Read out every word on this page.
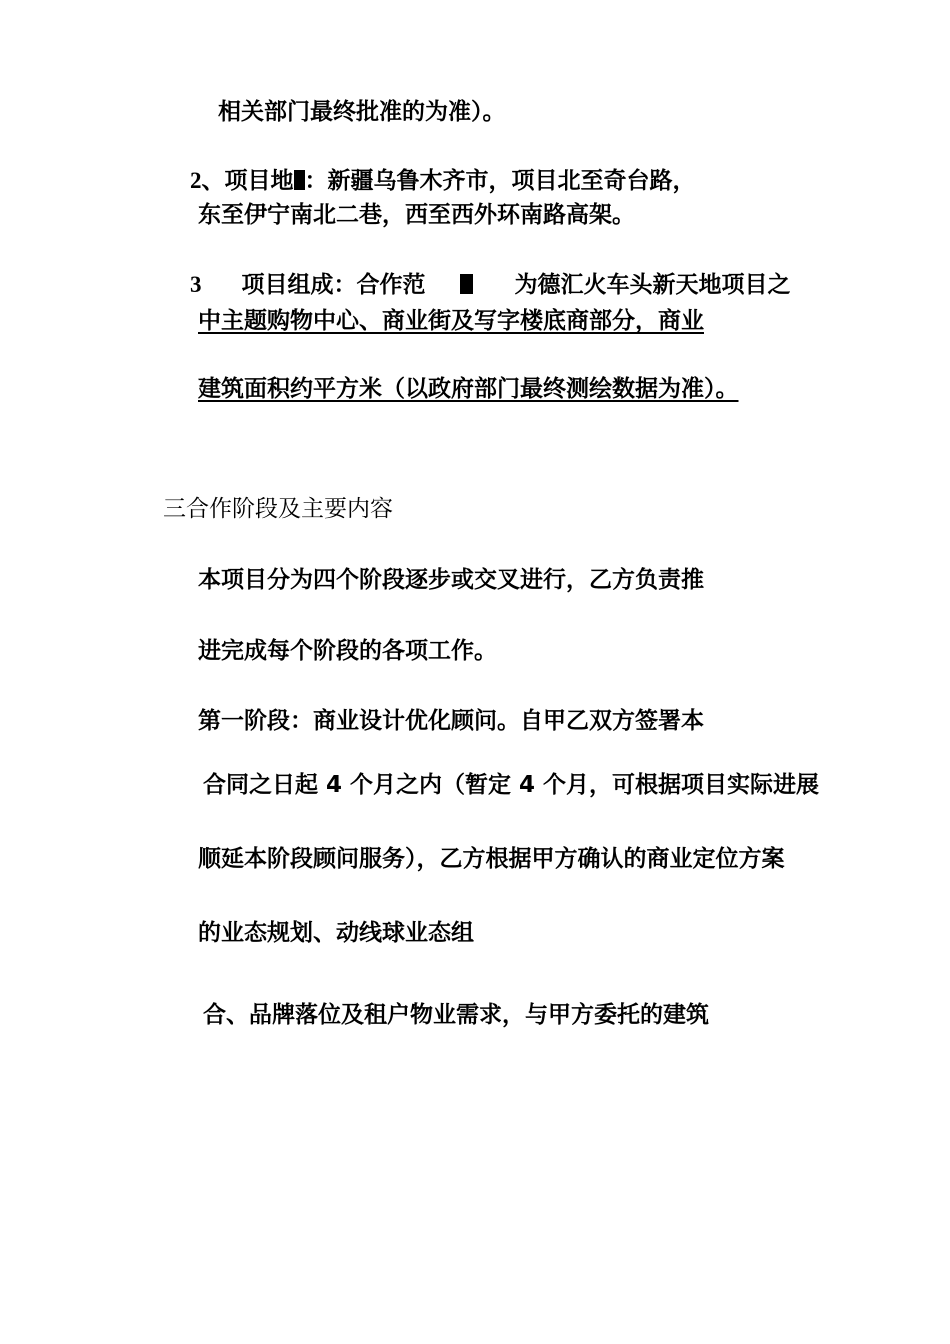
相关部门最终批准的为准）。
2、项目地 ：新疆乌鲁木齐市，项目北至奇台路，
东至伊宁南北二巷，西至西外环南路高架。
3 项目组成：合作范	为德汇火车头新天地项目之
中主题购物中心、商业街及写字楼底商部分，商业
建筑面积约平方米（以政府部门最终测绘数据为准）。
三合作阶段及主要内容
本项目分为四个阶段逐步或交叉进行，乙方负责推
进完成每个阶段的各项工作。
第一阶段：商业设计优化顾问。自甲乙双方签署本
合同之日起 4 个月之内（暂定 4 个月，可根据项目实际进展
顺延本阶段顾问服务），乙方根据甲方确认的商业定位方案
的业态规划、动线球业态组
合、品牌落位及租户物业需求，与甲方委托的建筑
